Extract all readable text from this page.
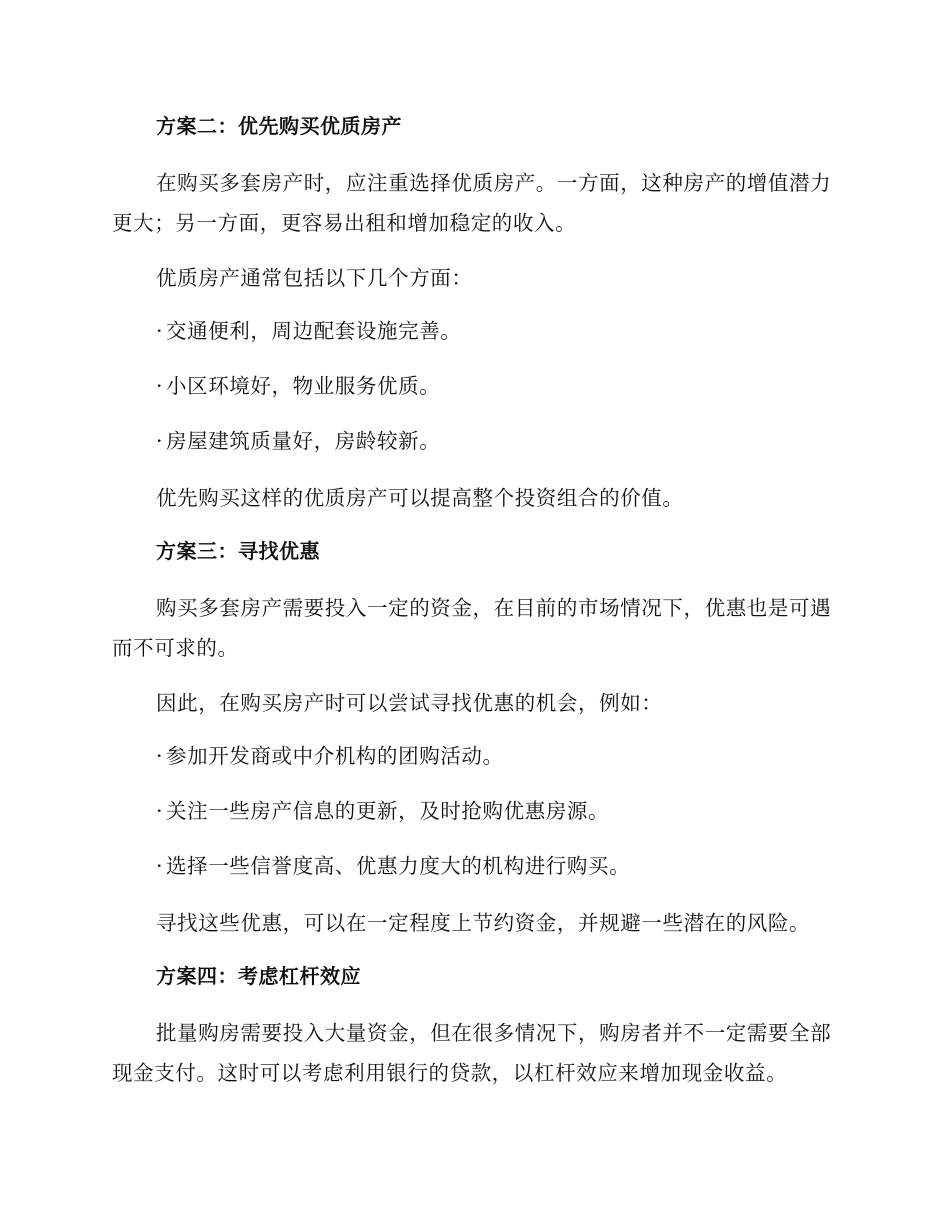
方案二：优先购买优质房产

在购买多套房产时，应注重选择优质房产。一方面，这种房产的增值潜力更大；另一方面，更容易出租和增加稳定的收入。

优质房产通常包括以下几个方面：

· 交通便利，周边配套设施完善。
· 小区环境好，物业服务优质。
· 房屋建筑质量好，房龄较新。

优先购买这样的优质房产可以提高整个投资组合的价值。

方案三：寻找优惠

购买多套房产需要投入一定的资金，在目前的市场情况下，优惠也是可遇而不可求的。

因此，在购买房产时可以尝试寻找优惠的机会，例如：

· 参加开发商或中介机构的团购活动。
· 关注一些房产信息的更新，及时抢购优惠房源。
· 选择一些信誉度高、优惠力度大的机构进行购买。

寻找这些优惠，可以在一定程度上节约资金，并规避一些潜在的风险。

方案四：考虑杠杆效应

批量购房需要投入大量资金，但在很多情况下，购房者并不一定需要全部现金支付。这时可以考虑利用银行的贷款，以杠杆效应来增加现金收益。
